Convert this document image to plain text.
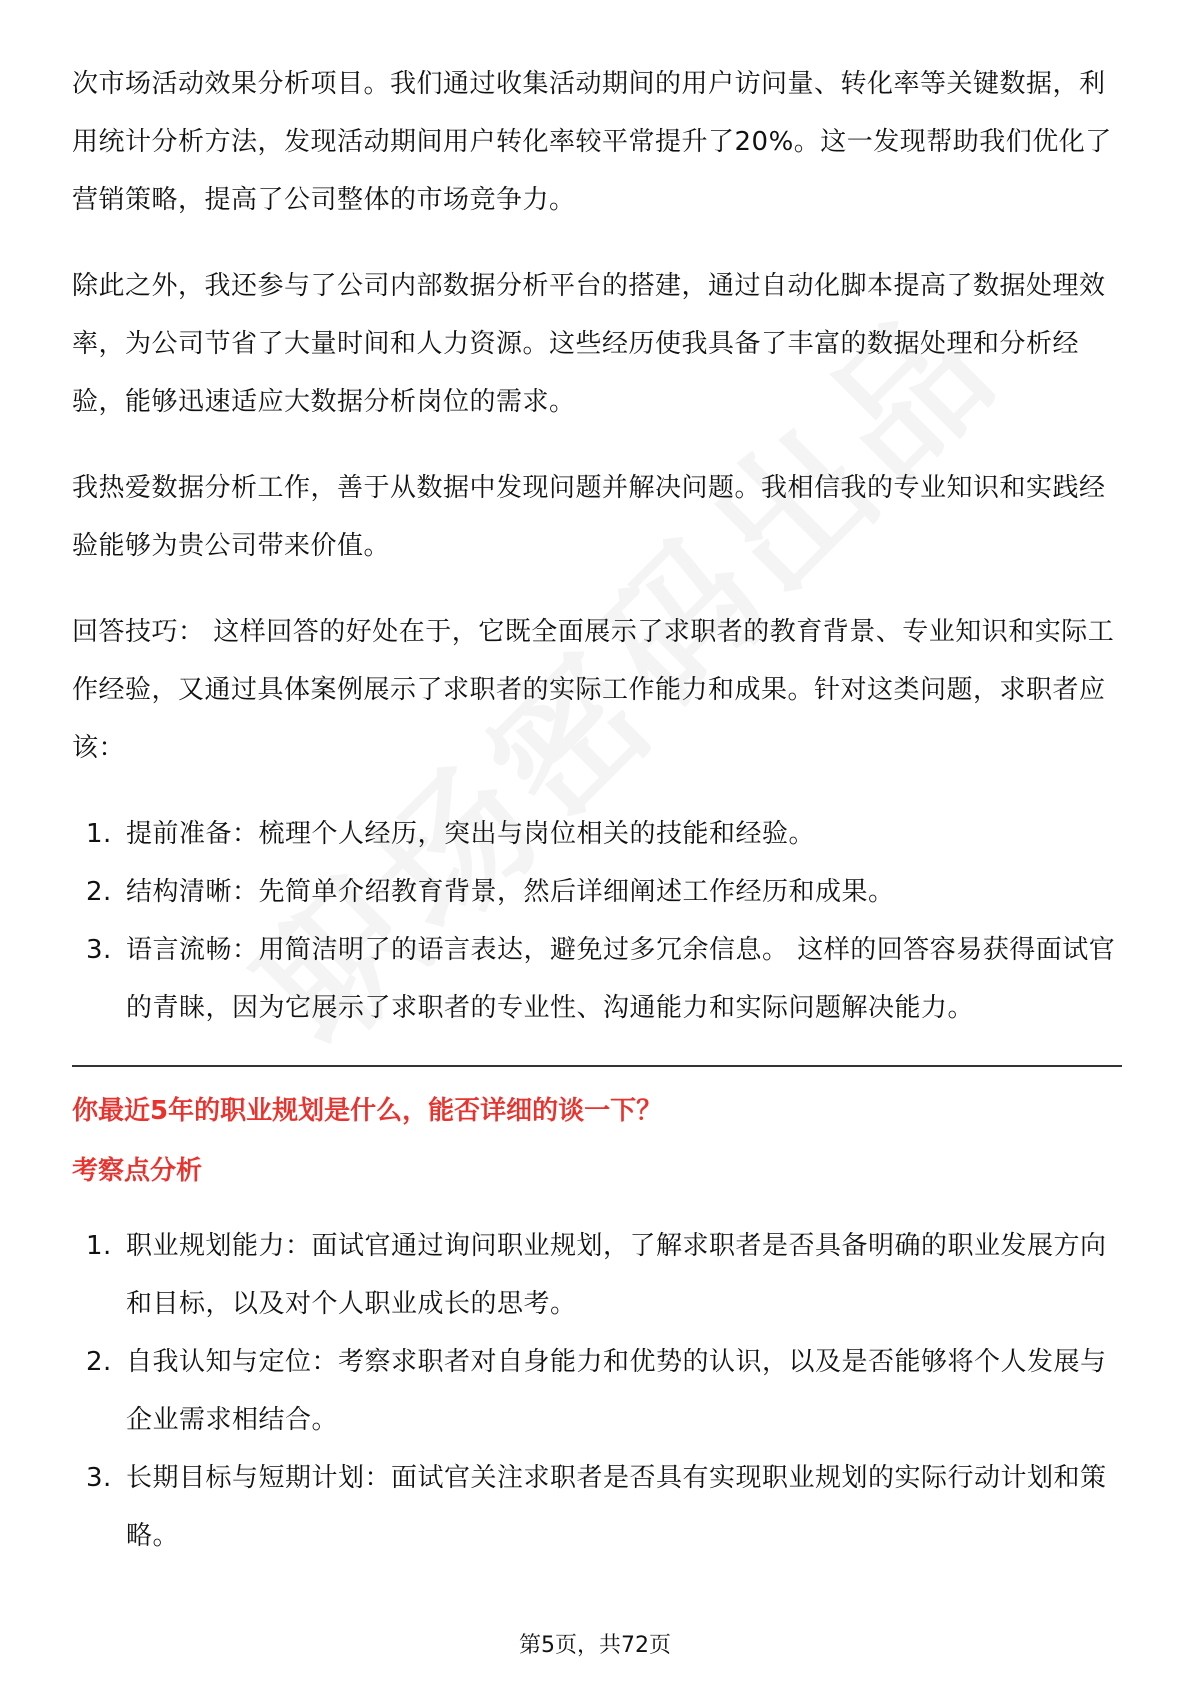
次市场活动效果分析项目。我们通过收集活动期间的用户访问量、转化率等关键数据，利用统计分析方法，发现活动期间用户转化率较平常提升了20%。这一发现帮助我们优化了营销策略，提高了公司整体的市场竞争力。

除此之外，我还参与了公司内部数据分析平台的搭建，通过自动化脚本提高了数据处理效率，为公司节省了大量时间和人力资源。这些经历使我具备了丰富的数据处理和分析经验，能够迅速适应大数据分析岗位的需求。

我热爱数据分析工作，善于从数据中发现问题并解决问题。我相信我的专业知识和实践经验能够为贵公司带来价值。

回答技巧： 这样回答的好处在于，它既全面展示了求职者的教育背景、专业知识和实际工作经验，又通过具体案例展示了求职者的实际工作能力和成果。针对这类问题，求职者应该：

1. 提前准备：梳理个人经历，突出与岗位相关的技能和经验。
2. 结构清晰：先简单介绍教育背景，然后详细阐述工作经历和成果。
3. 语言流畅：用简洁明了的语言表达，避免过多冗余信息。 这样的回答容易获得面试官的青睐，因为它展示了求职者的专业性、沟通能力和实际问题解决能力。
你最近5年的职业规划是什么，能否详细的谈一下？
考察点分析
1. 职业规划能力：面试官通过询问职业规划，了解求职者是否具备明确的职业发展方向和目标，以及对个人职业成长的思考。
2. 自我认知与定位：考察求职者对自身能力和优势的认识，以及是否能够将个人发展与企业需求相结合。
3. 长期目标与短期计划：面试官关注求职者是否具有实现职业规划的实际行动计划和策略。
第5页，共72页
